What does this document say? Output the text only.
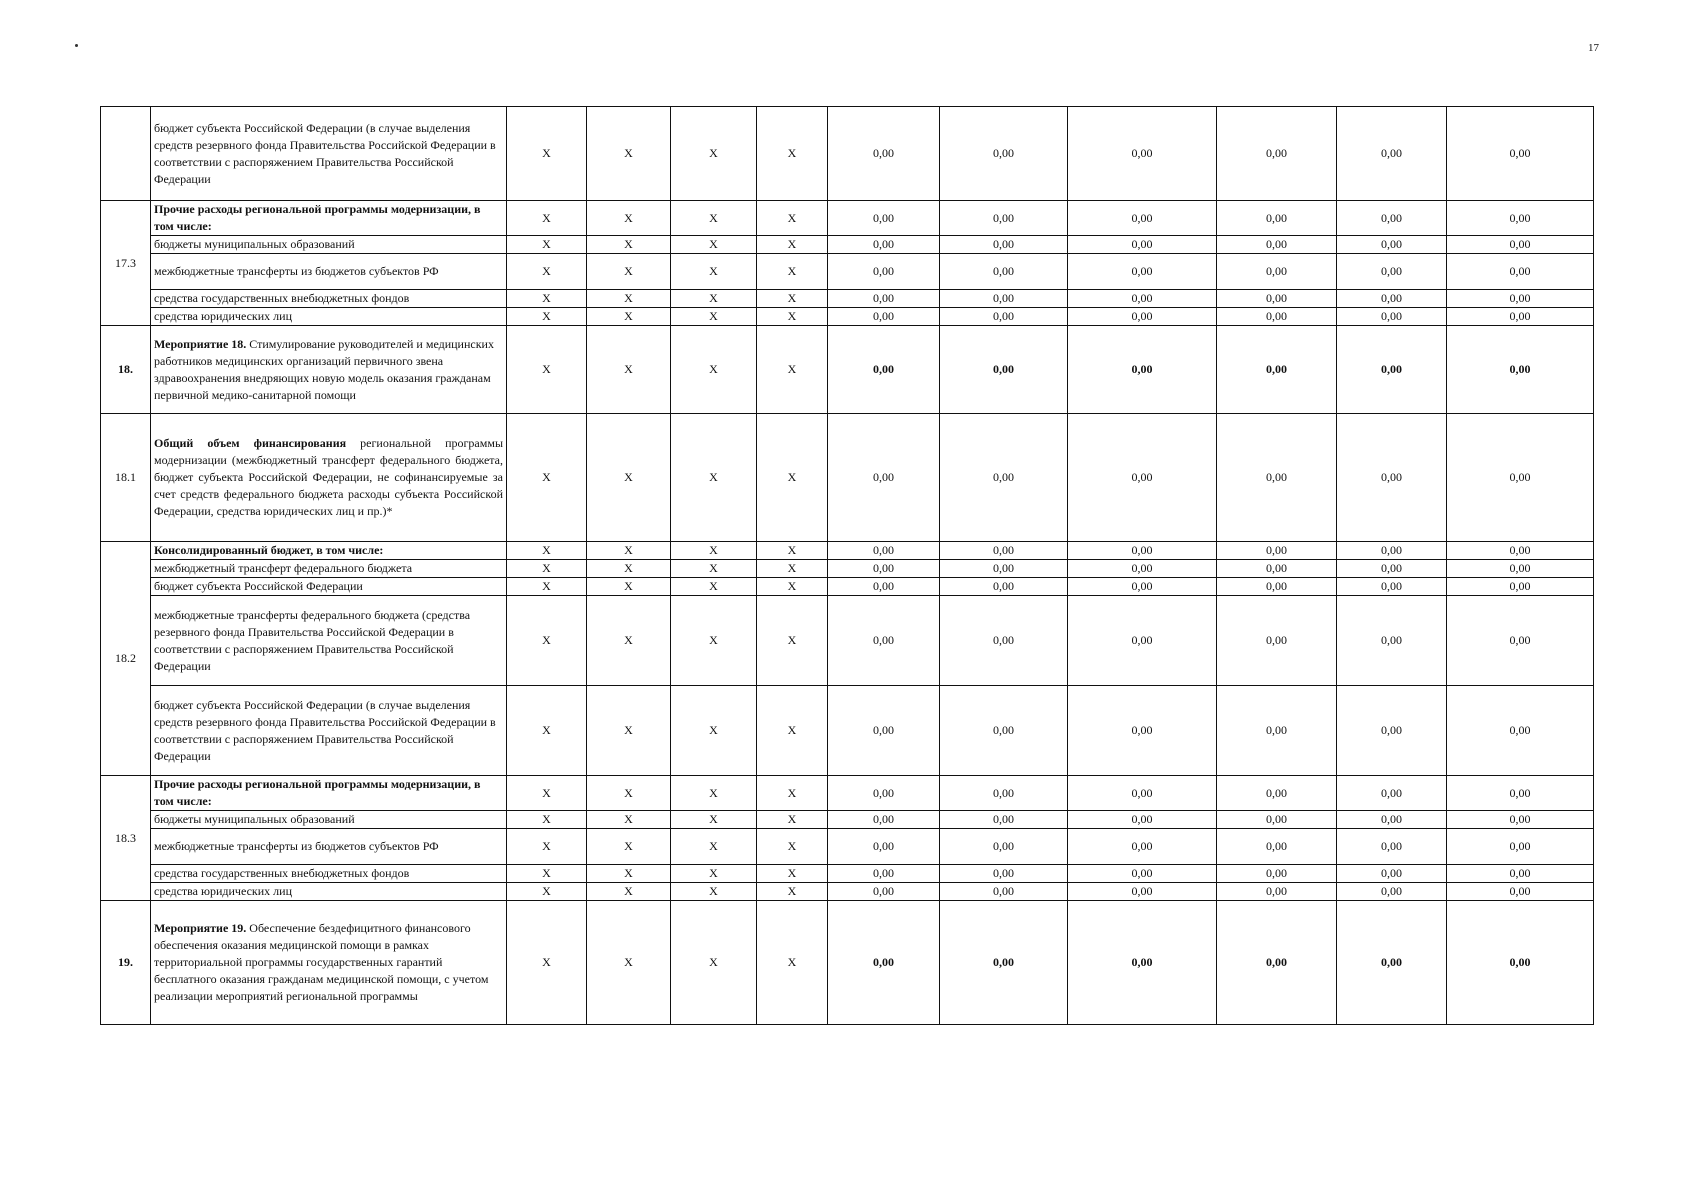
17
	бюджет субъекта Российской Федерации (в случае выделения средств резервного фонда Правительства Российской Федерации в соответствии с распоряжением Правительства Российской Федерации	X	X	X	X	0,00	0,00	0,00	0,00	0,00	0,00
17.3	Прочие расходы региональной программы модернизации, в том числе:	X	X	X	X	0,00	0,00	0,00	0,00	0,00	0,00
	бюджеты муниципальных образований	X	X	X	X	0,00	0,00	0,00	0,00	0,00	0,00
	межбюджетные трансферты из бюджетов субъектов РФ	X	X	X	X	0,00	0,00	0,00	0,00	0,00	0,00
	средства государственных внебюджетных фондов	X	X	X	X	0,00	0,00	0,00	0,00	0,00	0,00
	средства юридических лиц	X	X	X	X	0,00	0,00	0,00	0,00	0,00	0,00
18.	Мероприятие 18. Стимулирование руководителей и медицинских работников медицинских организаций первичного звена здравоохранения внедряющих новую модель оказания гражданам первичной медико-санитарной помощи	X	X	X	X	0,00	0,00	0,00	0,00	0,00	0,00
18.1	Общий объем финансирования региональной программы модернизации (межбюджетный трансферт федерального бюджета, бюджет субъекта Российской Федерации, не софинансируемые за счет средств федерального бюджета расходы субъекта Российской Федерации, средства юридических лиц и пр.)*	X	X	X	X	0,00	0,00	0,00	0,00	0,00	0,00
18.2	Консолидированный бюджет, в том числе:	X	X	X	X	0,00	0,00	0,00	0,00	0,00	0,00
	межбюджетный трансферт федерального бюджета	X	X	X	X	0,00	0,00	0,00	0,00	0,00	0,00
	бюджет субъекта Российской Федерации	X	X	X	X	0,00	0,00	0,00	0,00	0,00	0,00
	межбюджетные трансферты федерального бюджета (средства резервного фонда Правительства Российской Федерации в соответствии с распоряжением Правительства Российской Федерации	X	X	X	X	0,00	0,00	0,00	0,00	0,00	0,00
	бюджет субъекта Российской Федерации (в случае выделения средств резервного фонда Правительства Российской Федерации в соответствии с распоряжением Правительства Российской Федерации	X	X	X	X	0,00	0,00	0,00	0,00	0,00	0,00
18.3	Прочие расходы региональной программы модернизации, в том числе:	X	X	X	X	0,00	0,00	0,00	0,00	0,00	0,00
	бюджеты муниципальных образований	X	X	X	X	0,00	0,00	0,00	0,00	0,00	0,00
	межбюджетные трансферты из бюджетов субъектов РФ	X	X	X	X	0,00	0,00	0,00	0,00	0,00	0,00
	средства государственных внебюджетных фондов	X	X	X	X	0,00	0,00	0,00	0,00	0,00	0,00
	средства юридических лиц	X	X	X	X	0,00	0,00	0,00	0,00	0,00	0,00
19.	Мероприятие 19. Обеспечение бездефицитного финансового обеспечения оказания медицинской помощи в рамках территориальной программы государственных гарантий бесплатного оказания гражданам медицинской помощи, с учетом реализации мероприятий региональной программы	X	X	X	X	0,00	0,00	0,00	0,00	0,00	0,00
